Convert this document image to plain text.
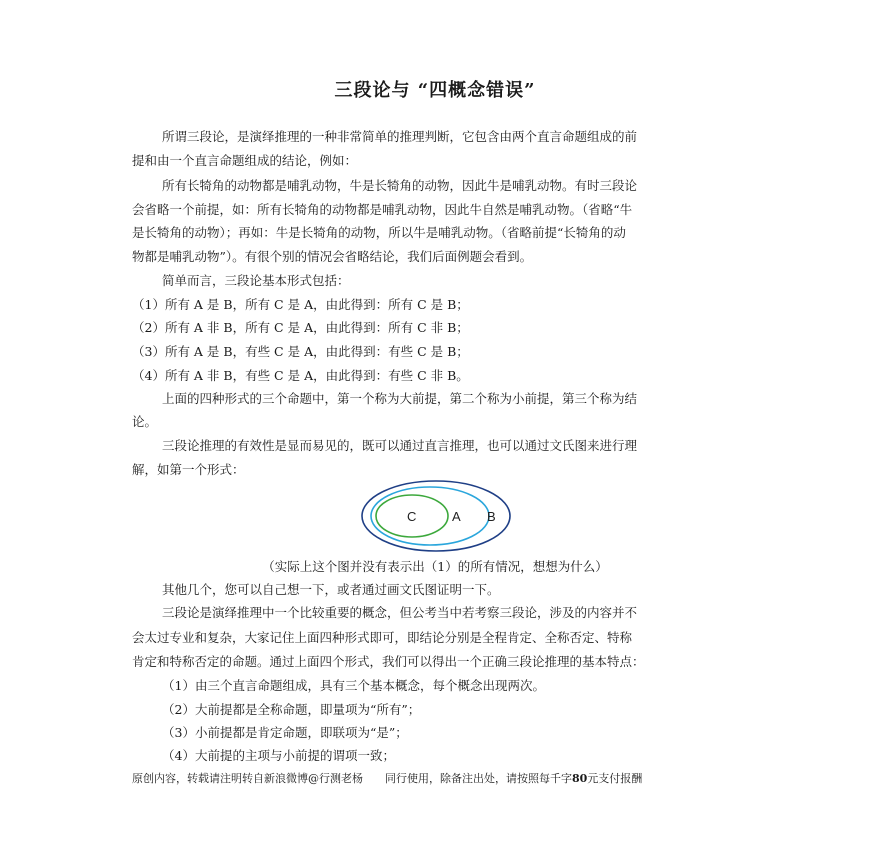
三段论与 “四概念错误”
所谓三段论，是演绎推理的一种非常简单的推理判断，它包含由两个直言命题组成的前
提和由一个直言命题组成的结论，例如：
所有长犄角的动物都是哺乳动物，牛是长犄角的动物，因此牛是哺乳动物。有时三段论
会省略一个前提，如：所有长犄角的动物都是哺乳动物，因此牛自然是哺乳动物。（省略“牛
是长犄角的动物）；再如：牛是长犄角的动物，所以牛是哺乳动物。（省略前提“长犄角的动
物都是哺乳动物”）。有很个别的情况会省略结论，我们后面例题会看到。
简单而言，三段论基本形式包括：
（1）所有 A 是 B，所有 C 是 A，由此得到：所有 C 是 B；
（2）所有 A 非 B，所有 C 是 A，由此得到：所有 C 非 B；
（3）所有 A 是 B，有些 C 是 A，由此得到：有些 C 是 B；
（4）所有 A 非 B，有些 C 是 A，由此得到：有些 C 非 B。
上面的四种形式的三个命题中，第一个称为大前提，第二个称为小前提，第三个称为结
论。
三段论推理的有效性是显而易见的，既可以通过直言推理，也可以通过文氏图来进行理
解，如第一个形式：
C	A B
（实际上这个图并没有表示出（1）的所有情况，想想为什么）
其他几个，您可以自己想一下，或者通过画文氏图证明一下。
三段论是演绎推理中一个比较重要的概念，但公考当中若考察三段论，涉及的内容并不
会太过专业和复杂，大家记住上面四种形式即可，即结论分别是全程肯定、全称否定、特称
肯定和特称否定的命题。通过上面四个形式，我们可以得出一个正确三段论推理的基本特点：
（1）由三个直言命题组成，具有三个基本概念，每个概念出现两次。
（2）大前提都是全称命题，即量项为“所有”；
（3）小前提都是肯定命题，即联项为“是”；
（4）大前提的主项与小前提的谓项一致；
原创内容，转载请注明转自新浪微博@行测老杨 同行使用，除备注出处，请按照每千字80元支付报酬
